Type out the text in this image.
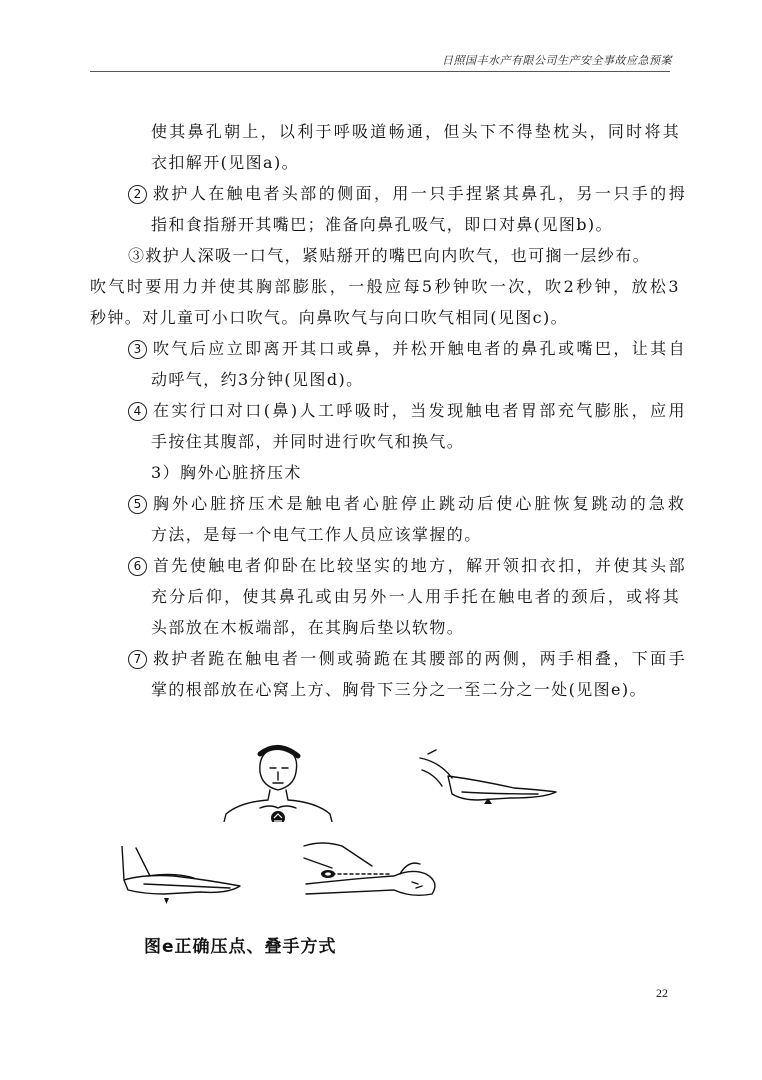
日照国丰水产有限公司生产安全事故应急预案
使其鼻孔朝上，以利于呼吸道畅通，但头下不得垫枕头，同时将其
衣扣解开(见图a)。
2 救护人在触电者头部的侧面，用一只手捏紧其鼻孔，另一只手的拇
指和食指掰开其嘴巴；准备向鼻孔吸气，即口对鼻(见图b)。
③救护人深吸一口气，紧贴掰开的嘴巴向内吹气，也可搁一层纱布。
吹气时要用力并使其胸部膨胀，一般应每5秒钟吹一次，吹2秒钟，放松3
秒钟。对儿童可小口吹气。向鼻吹气与向口吹气相同(见图c)。
3 吹气后应立即离开其口或鼻，并松开触电者的鼻孔或嘴巴，让其自
动呼气，约3分钟(见图d)。
4 在实行口对口(鼻)人工呼吸时，当发现触电者胃部充气膨胀，应用
手按住其腹部，并同时进行吹气和换气。
3）胸外心脏挤压术
5 胸外心脏挤压术是触电者心脏停止跳动后使心脏恢复跳动的急救
方法，是每一个电气工作人员应该掌握的。
6 首先使触电者仰卧在比较坚实的地方，解开领扣衣扣，并使其头部
充分后仰，使其鼻孔或由另外一人用手托在触电者的颈后，或将其
头部放在木板端部，在其胸后垫以软物。
7 救护者跪在触电者一侧或骑跪在其腰部的两侧，两手相叠，下面手
掌的根部放在心窝上方、胸骨下三分之一至二分之一处(见图e)。
图e正确压点、叠手方式
22
